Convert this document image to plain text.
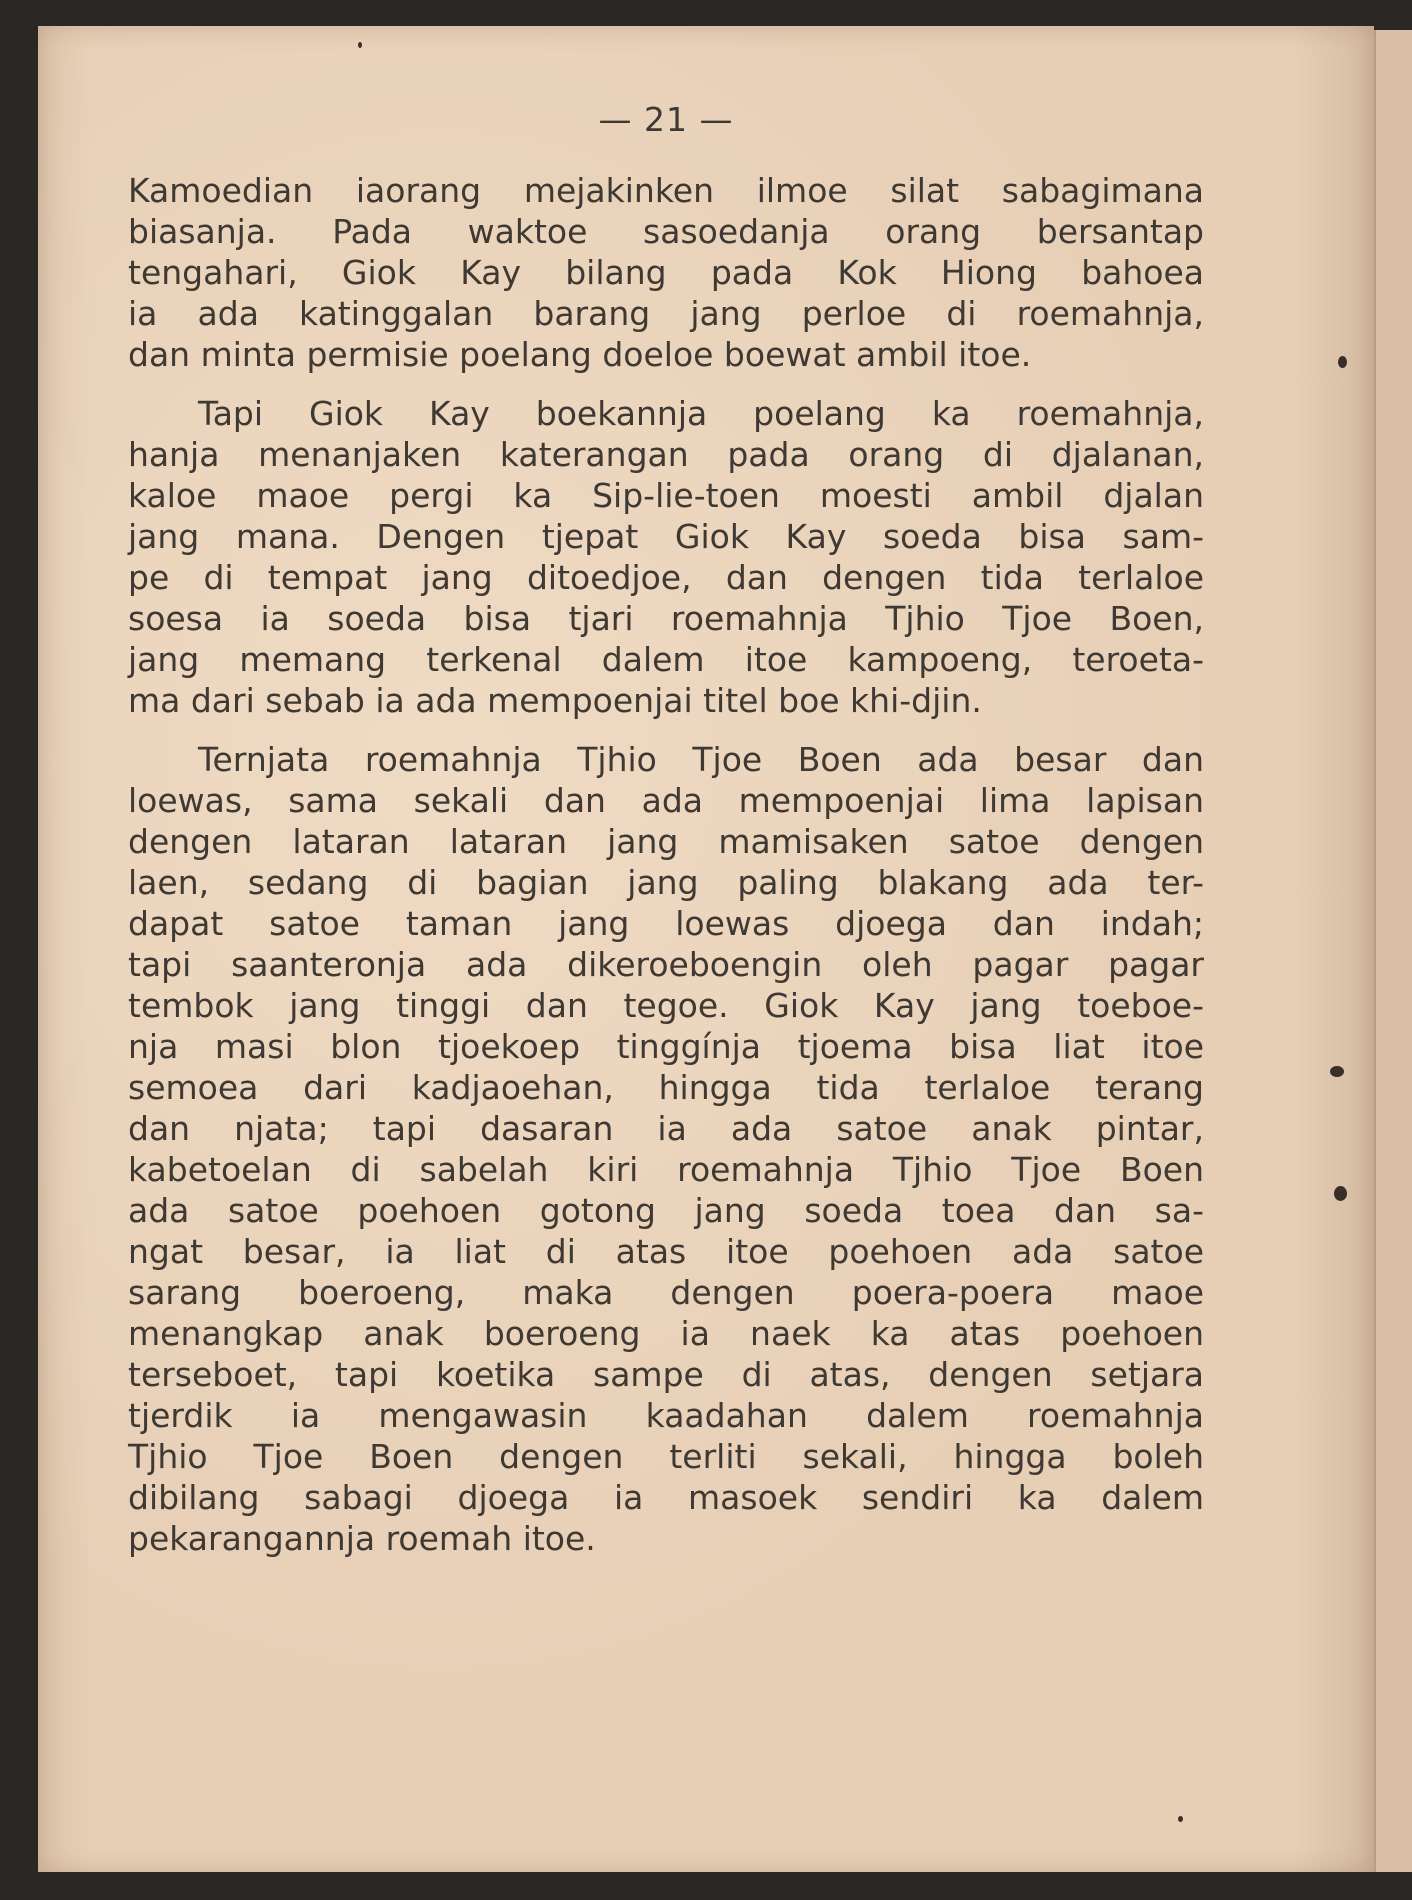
— 21 —

Kamoedian iaorang mejakinken ilmoe silat sabagimana
biasanja. Pada waktoe sasoedanja orang bersantap
tengahari, Giok Kay bilang pada Kok Hiong bahoea
ia ada katinggalan barang jang perloe di roemahnja,
dan minta permisie poelang doeloe boewat ambil itoe.

Tapi Giok Kay boekannja poelang ka roemahnja,
hanja menanjaken katerangan pada orang di djalanan,
kaloe maoe pergi ka Sip-lie-toen moesti ambil djalan
jang mana. Dengen tjepat Giok Kay soeda bisa sam-
pe di tempat jang ditoedjoe, dan dengen tida terlaloe
soesa ia soeda bisa tjari roemahnja Tjhio Tjoe Boen,
jang memang terkenal dalem itoe kampoeng, teroeta-
ma dari sebab ia ada mempoenjai titel boe khi-djin.

Ternjata roemahnja Tjhio Tjoe Boen ada besar dan
loewas, sama sekali dan ada mempoenjai lima lapisan
dengen lataran lataran jang mamisaken satoe dengen
laen, sedang di bagian jang paling blakang ada ter-
dapat satoe taman jang loewas djoega dan indah;
tapi saanteronja ada dikeroeboengin oleh pagar pagar
tembok jang tinggi dan tegoe. Giok Kay jang toeboe-
nja masi blon tjoekoep tinggínja tjoema bisa liat itoe
semoea dari kadjaoehan, hingga tida terlaloe terang
dan njata; tapi dasaran ia ada satoe anak pintar,
kabetoelan di sabelah kiri roemahnja Tjhio Tjoe Boen
ada satoe poehoen gotong jang soeda toea dan sa-
ngat besar, ia liat di atas itoe poehoen ada satoe
sarang boeroeng, maka dengen poera-poera maoe
menangkap anak boeroeng ia naek ka atas poehoen
terseboet, tapi koetika sampe di atas, dengen setjara
tjerdik ia mengawasin kaadahan dalem roemahnja
Tjhio Tjoe Boen dengen terliti sekali, hingga boleh
dibilang sabagi djoega ia masoek sendiri ka dalem
pekarangannja roemah itoe.
